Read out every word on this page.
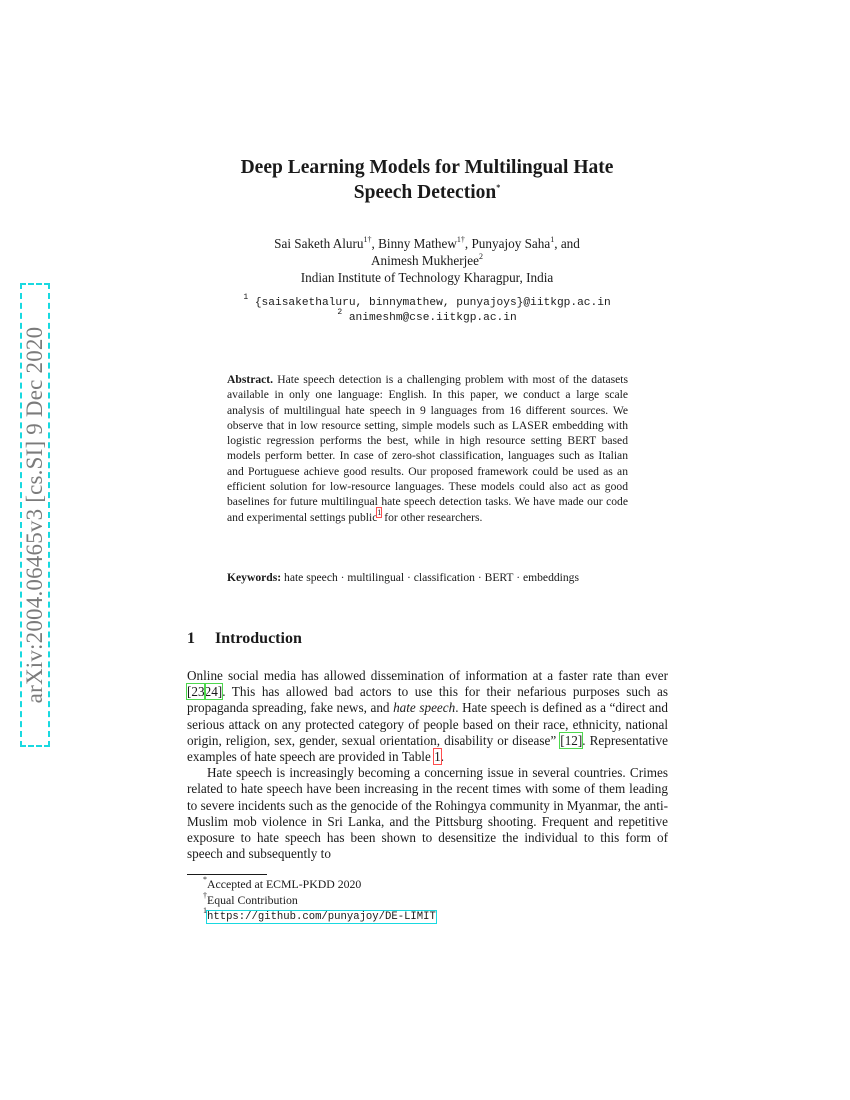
arXiv:2004.06465v3 [cs.SI] 9 Dec 2020
Deep Learning Models for Multilingual Hate
Speech Detection*
Sai Saketh Aluru$^{1\dagger}$, Binny Mathew$^{1\dagger}$, Punyajoy Saha$^1$, and
Animesh Mukherjee$^2$
Indian Institute of Technology Kharagpur, India
$^1$ {saisakethaluru, binnymathew, punyajoys}@iitkgp.ac.in
$^2$ animeshm@cse.iitkgp.ac.in
Abstract. Hate speech detection is a challenging problem with most of the datasets available in only one language: English. In this paper, we conduct a large scale analysis of multilingual hate speech in 9 languages from 16 different sources. We observe that in low resource setting, simple models such as LASER embedding with logistic regression performs the best, while in high resource setting BERT based models perform better. In case of zero-shot classification, languages such as Italian and Portuguese achieve good results. Our proposed framework could be used as an efficient solution for low-resource languages. These models could also act as good baselines for future multilingual hate speech detection tasks. We have made our code and experimental settings public$^1$ for other researchers.
Keywords: hate speech · multilingual · classification · BERT · embeddings
1 Introduction

Online social media has allowed dissemination of information at a faster rate than ever [2324]. This has allowed bad actors to use this for their nefarious purposes such as propaganda spreading, fake news, and hate speech. Hate speech is defined as a “direct and serious attack on any protected category of people based on their race, ethnicity, national origin, religion, sex, gender, sexual orientation, disability or disease” [12]. Representative examples of hate speech are provided in Table 1.

Hate speech is increasingly becoming a concerning issue in several countries. Crimes related to hate speech have been increasing in the recent times with some of them leading to severe incidents such as the genocide of the Rohingya community in Myanmar, the anti-Muslim mob violence in Sri Lanka, and the Pittsburg shooting. Frequent and repetitive exposure to hate speech has been shown to desensitize the individual to this form of speech and subsequently to

*Accepted at ECML-PKDD 2020
†Equal Contribution
$^1$https://github.com/punyajoy/DE-LIMIT
